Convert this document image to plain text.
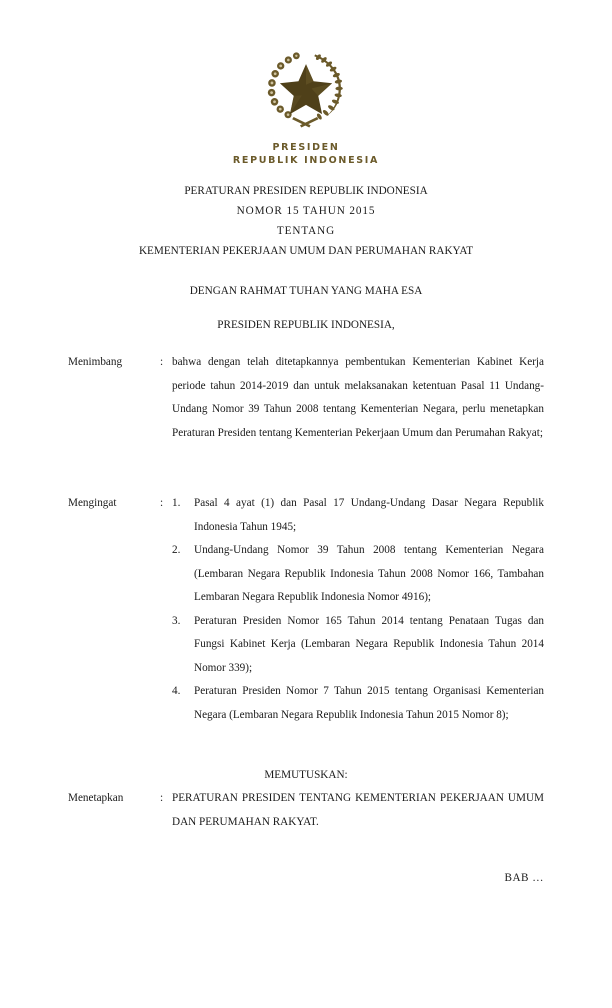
PRESIDEN
REPUBLIK INDONESIA
PERATURAN PRESIDEN REPUBLIK INDONESIA
NOMOR 15 TAHUN 2015
TENTANG
KEMENTERIAN PEKERJAAN UMUM DAN PERUMAHAN RAKYAT
DENGAN RAHMAT TUHAN YANG MAHA ESA
PRESIDEN REPUBLIK INDONESIA,
Menimbang	: bahwa dengan telah ditetapkannya pembentukan Kementerian Kabinet Kerja periode tahun 2014-2019 dan untuk melaksanakan ketentuan Pasal 11 Undang-Undang Nomor 39 Tahun 2008 tentang Kementerian Negara, perlu menetapkan Peraturan Presiden tentang Kementerian Pekerjaan Umum dan Perumahan Rakyat;

Mengingat	: 1.	Pasal 4 ayat (1) dan Pasal 17 Undang-Undang Dasar Negara Republik Indonesia Tahun 1945;
2.	Undang-Undang Nomor 39 Tahun 2008 tentang Kementerian Negara (Lembaran Negara Republik Indonesia Tahun 2008 Nomor 166, Tambahan Lembaran Negara Republik Indonesia Nomor 4916);
3.	Peraturan Presiden Nomor 165 Tahun 2014 tentang Penataan Tugas dan Fungsi Kabinet Kerja (Lembaran Negara Republik Indonesia Tahun 2014 Nomor 339);
4.	Peraturan Presiden Nomor 7 Tahun 2015 tentang Organisasi Kementerian Negara (Lembaran Negara Republik Indonesia Tahun 2015 Nomor 8);
MEMUTUSKAN:
Menetapkan	: PERATURAN PRESIDEN TENTANG KEMENTERIAN PEKERJAAN UMUM DAN PERUMAHAN RAKYAT.

BAB …
